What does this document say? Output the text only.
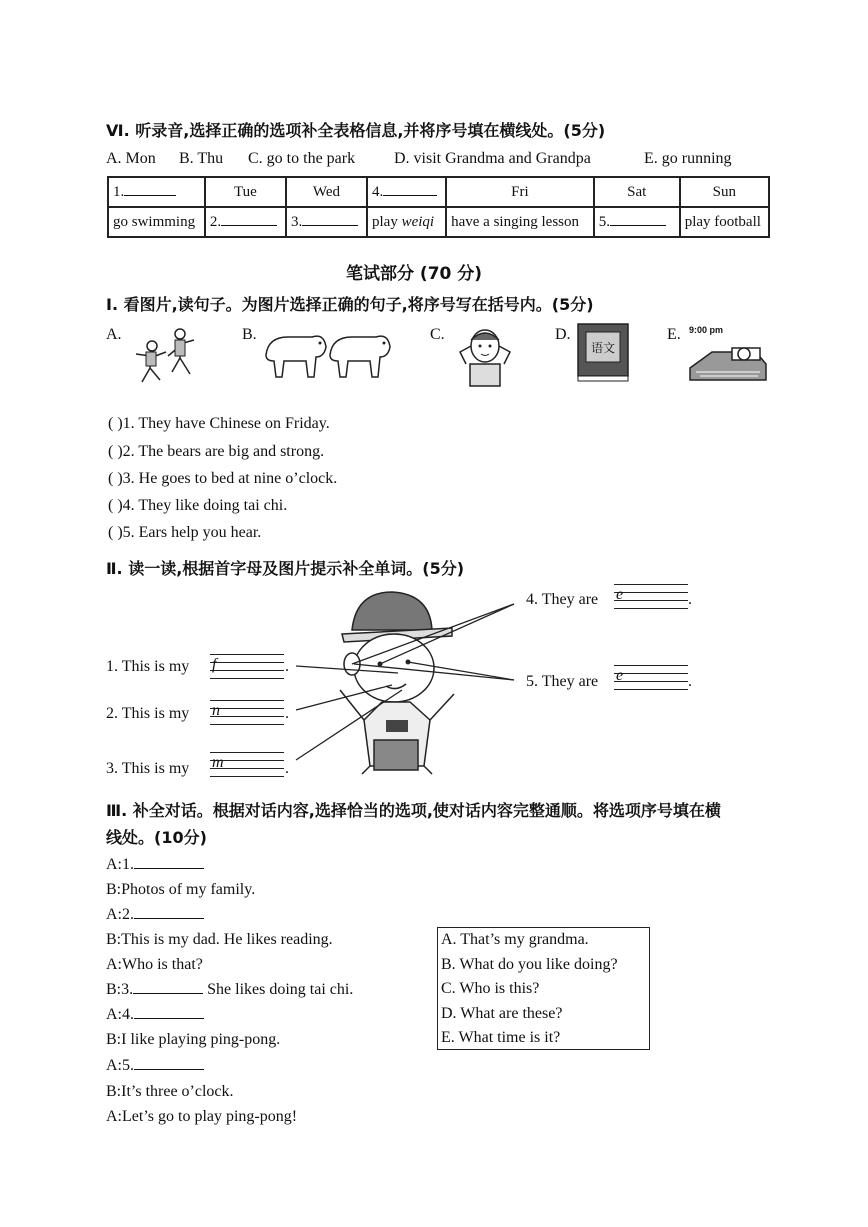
Ⅵ. 听录音,选择正确的选项补全表格信息,并将序号填在横线处。(5分)
A. Mon B. Thu C. go to the park D. visit Grandma and Grandpa	E. go running
1.	Tue	Wed	4.	Fri	Sat	Sun
go swimming	2.	3.	play weiqi	have a singing lesson	5.	play football
笔试部分 (70 分)
Ⅰ. 看图片,读句子。为图片选择正确的句子,将序号写在括号内。(5分)
A.	B.	C.	D.	E.
语文
9:00 pm
( )1. They have Chinese on Friday.
( )2. The bears are big and strong.
( )3. He goes to bed at nine o’clock.
( )4. They like doing tai chi.
( )5. Ears help you hear.
Ⅱ. 读一读,根据首字母及图片提示补全单词。(5分)
1. This is my f	.
2. This is my n	.
3. This is my m	.
4. They are e	.
5. They are e	.
Ⅲ. 补全对话。根据对话内容,选择恰当的选项,使对话内容完整通顺。将选项序号填在横
线处。(10分)
A:1.
B:Photos of my family.
A:2.
B:This is my dad. He likes reading.
A:Who is that?
B:3.	She likes doing tai chi.
A:4.
B:I like playing ping-pong.
A:5.
B:It’s three o’clock.
A:Let’s go to play ping-pong!
A. That’s my grandma.
B. What do you like doing?
C. Who is this?
D. What are these?
E. What time is it?
